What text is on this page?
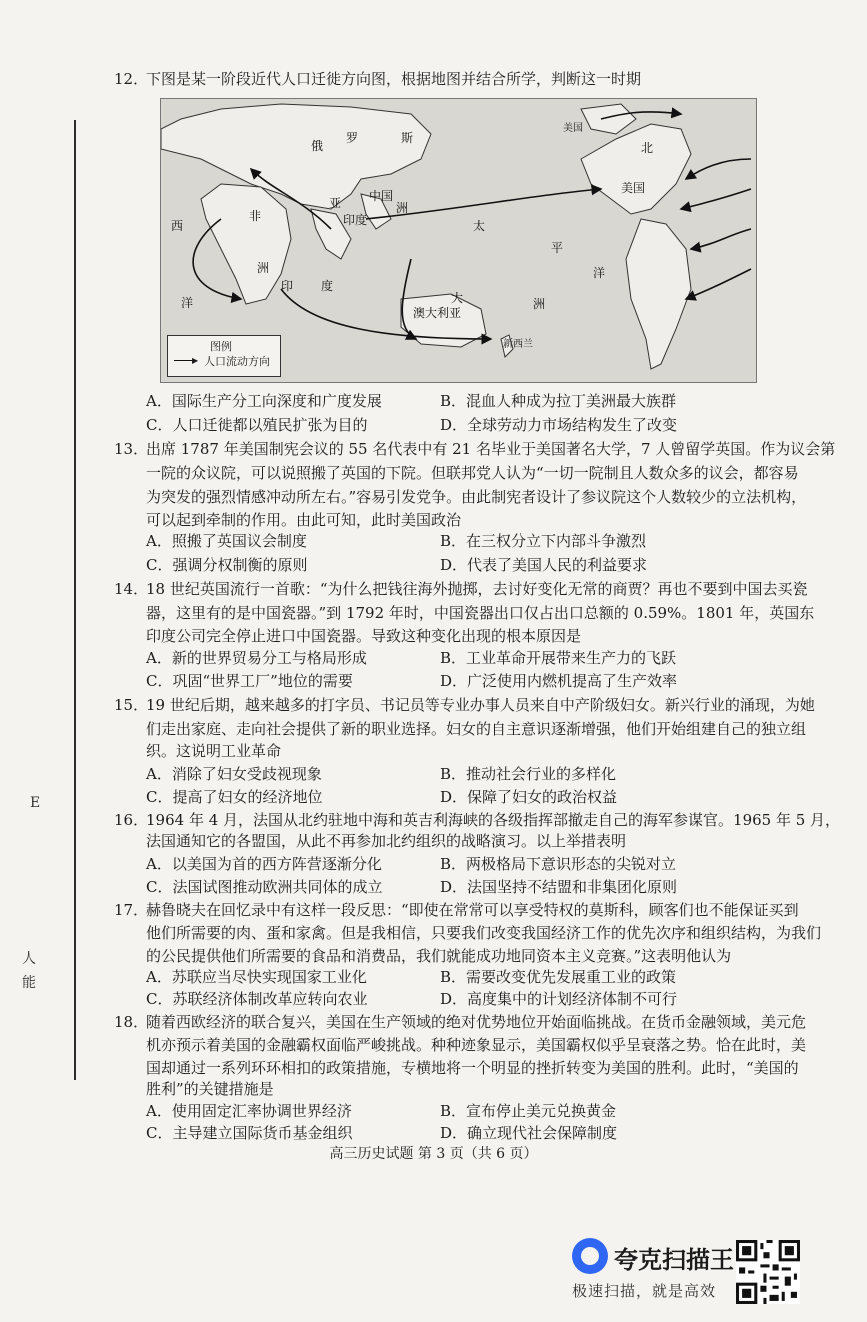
E
人
能
12．
下图是某一阶段近代人口迁徙方向图，根据地图并结合所学，判断这一时期
俄
罗	斯
中国
亚	洲
印度
非
洲
印 度
洋
澳大利亚
大	洲
新西兰
太
平
洋
美国
北
美国
西
图例
▶ 人口流动方向
A．国际生产分工向深度和广度发展	B．混血人种成为拉丁美洲最大族群
C．人口迁徙都以殖民扩张为目的	D．全球劳动力市场结构发生了改变
13．
出席 1787 年美国制宪会议的 55 名代表中有 21 名毕业于美国著名大学，7 人曾留学英国。作为议会第
一院的众议院，可以说照搬了英国的下院。但联邦党人认为“一切一院制且人数众多的议会，都容易
为突发的强烈情感冲动所左右。”容易引发党争。由此制宪者设计了参议院这个人数较少的立法机构，
可以起到牵制的作用。由此可知，此时美国政治
A．照搬了英国议会制度	B．在三权分立下内部斗争激烈
C．强调分权制衡的原则	D．代表了美国人民的利益要求
14．
18 世纪英国流行一首歌：“为什么把钱往海外抛掷，去讨好变化无常的商贾？再也不要到中国去买瓷
器，这里有的是中国瓷器。”到 1792 年时，中国瓷器出口仅占出口总额的 0.59%。1801 年，英国东
印度公司完全停止进口中国瓷器。导致这种变化出现的根本原因是
A．新的世界贸易分工与格局形成	B．工业革命开展带来生产力的飞跃
C．巩固“世界工厂”地位的需要	D．广泛使用内燃机提高了生产效率
15．
19 世纪后期，越来越多的打字员、书记员等专业办事人员来自中产阶级妇女。新兴行业的涌现，为她
们走出家庭、走向社会提供了新的职业选择。妇女的自主意识逐渐增强，他们开始组建自己的独立组
织。这说明工业革命
A．消除了妇女受歧视现象	B．推动社会行业的多样化
C．提高了妇女的经济地位	D．保障了妇女的政治权益
16．
1964 年 4 月，法国从北约驻地中海和英吉利海峡的各级指挥部撤走自己的海军参谋官。1965 年 5 月，
法国通知它的各盟国，从此不再参加北约组织的战略演习。以上举措表明
A．以美国为首的西方阵营逐渐分化	B．两极格局下意识形态的尖锐对立
C．法国试图推动欧洲共同体的成立	D．法国坚持不结盟和非集团化原则
17．
赫鲁晓夫在回忆录中有这样一段反思：“即使在常常可以享受特权的莫斯科，顾客们也不能保证买到
他们所需要的肉、蛋和家禽。但是我相信，只要我们改变我国经济工作的优先次序和组织结构，为我们
的公民提供他们所需要的食品和消费品，我们就能成功地同资本主义竞赛。”这表明他认为
A．苏联应当尽快实现国家工业化	B．需要改变优先发展重工业的政策
C．苏联经济体制改革应转向农业	D．高度集中的计划经济体制不可行
18．
随着西欧经济的联合复兴，美国在生产领域的绝对优势地位开始面临挑战。在货币金融领域，美元危
机亦预示着美国的金融霸权面临严峻挑战。种种迹象显示，美国霸权似乎呈衰落之势。恰在此时，美
国却通过一系列环环相扣的政策措施，专横地将一个明显的挫折转变为美国的胜利。此时，“美国的
胜利”的关键措施是
A．使用固定汇率协调世界经济	B．宣布停止美元兑换黄金
C．主导建立国际货币基金组织	D．确立现代社会保障制度
高三历史试题 第 3 页（共 6 页）
夸克扫描王
极速扫描，就是高效
